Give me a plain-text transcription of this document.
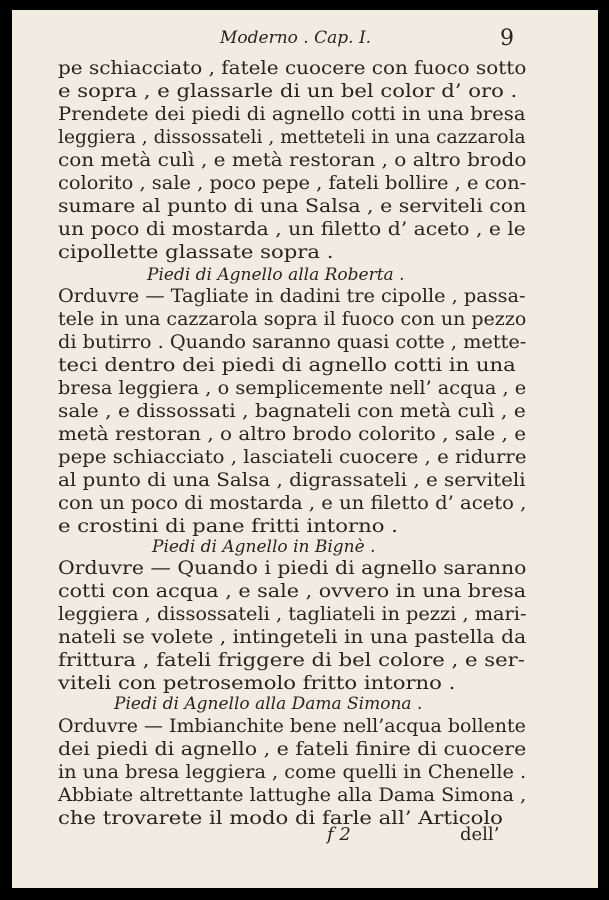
Moderno . Cap. I.	9
pe schiacciato , fatele cuocere con fuoco sotto
e sopra , e glassarle di un bel color d’ oro .
Prendete dei piedi di agnello cotti in una bresa
leggiera , dissossateli , metteteli in una cazzarola
con metà culì , e metà restoran , o altro brodo
colorito , sale , poco pepe , fateli bollire , e con-
sumare al punto di una Salsa , e serviteli con
un poco di mostarda , un filetto d’ aceto , e le
cipollette glassate sopra .
Piedi di Agnello alla Roberta .
Orduvre — Tagliate in dadini tre cipolle , passa-
tele in una cazzarola sopra il fuoco con un pezzo
di butirro . Quando saranno quasi cotte , mette-
teci dentro dei piedi di agnello cotti in una
bresa leggiera , o semplicemente nell’ acqua , e
sale , e dissossati , bagnateli con metà culì , e
metà restoran , o altro brodo colorito , sale , e
pepe schiacciato , lasciateli cuocere , e ridurre
al punto di una Salsa , digrassateli , e serviteli
con un poco di mostarda , e un filetto d’ aceto ,
e crostini di pane fritti intorno .
Piedi di Agnello in Bignè .
Orduvre — Quando i piedi di agnello saranno
cotti con acqua , e sale , ovvero in una bresa
leggiera , dissossateli , tagliateli in pezzi , mari-
nateli se volete , intingeteli in una pastella da
frittura , fateli friggere di bel colore , e ser-
viteli con petrosemolo fritto intorno .
Piedi di Agnello alla Dama Simona .
Orduvre — Imbianchite bene nell’acqua bollente
dei piedi di agnello , e fateli finire di cuocere
in una bresa leggiera , come quelli in Chenelle .
Abbiate altrettante lattughe alla Dama Simona ,
che trovarete il modo di farle all’ Articolo
f 2	dell’
